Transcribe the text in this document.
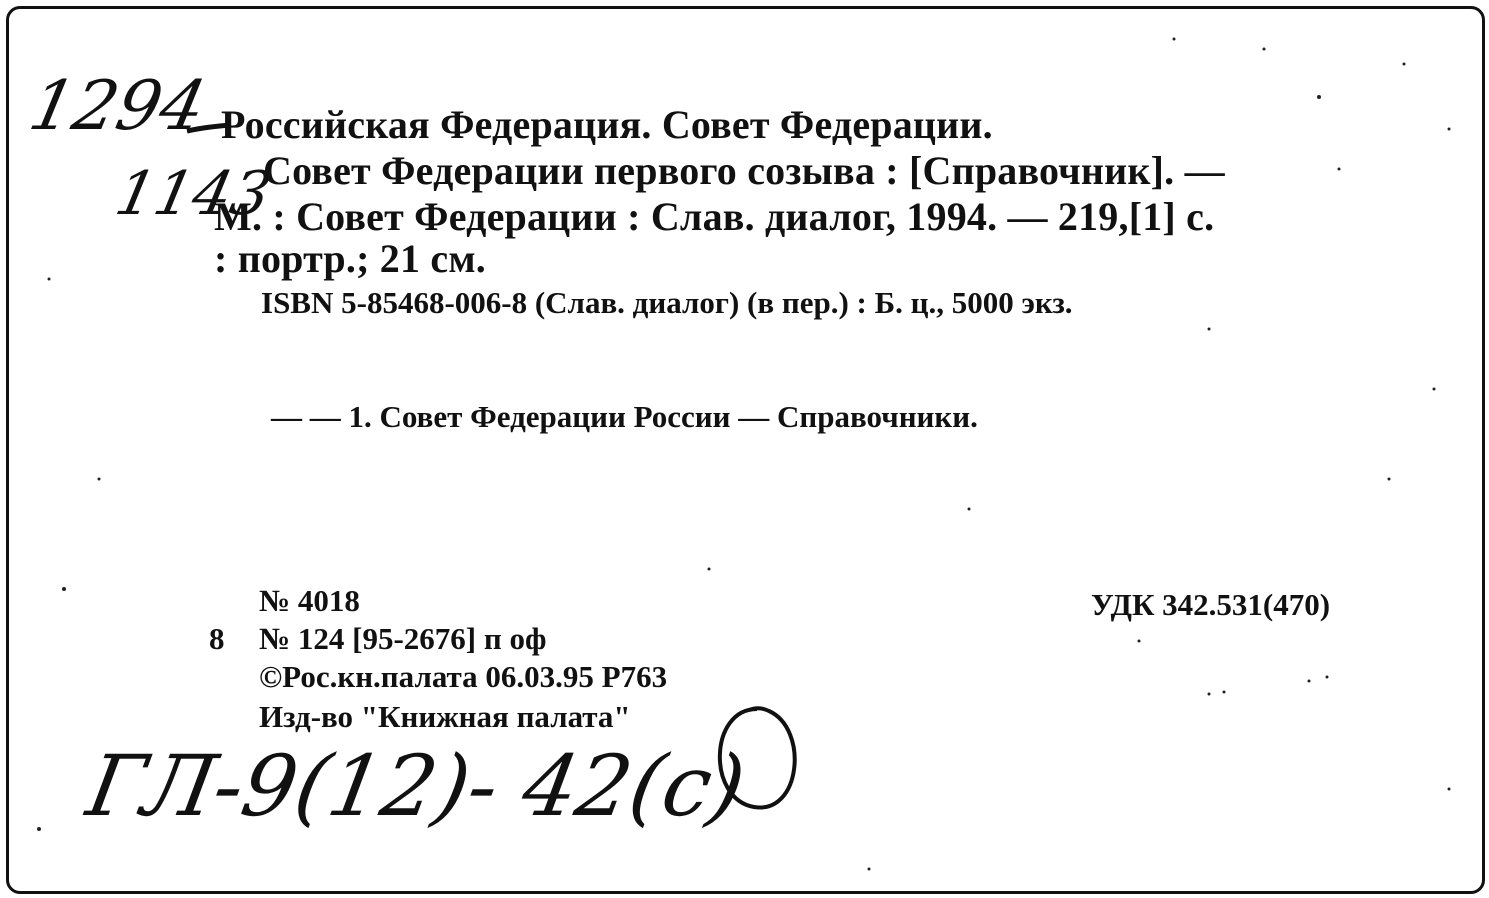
1294
1143
Российская Федерация. Совет Федерации.
Совет Федерации первого созыва : [Справочник]. —
М. : Совет Федерации : Слав. диалог, 1994. — 219,[1] с.
: портр.; 21 см.
ISBN 5-85468-006-8 (Слав. диалог) (в пер.) : Б. ц., 5000 экз.
— — 1. Совет Федерации России — Справочники.
№ 4018
8 № 124 [95-2676] п оф
©Рос.кн.палата 06.03.95 P763
Изд-во "Книжная палата"
УДК 342.531(470)
ГЛ-9(12)- 42(с)
